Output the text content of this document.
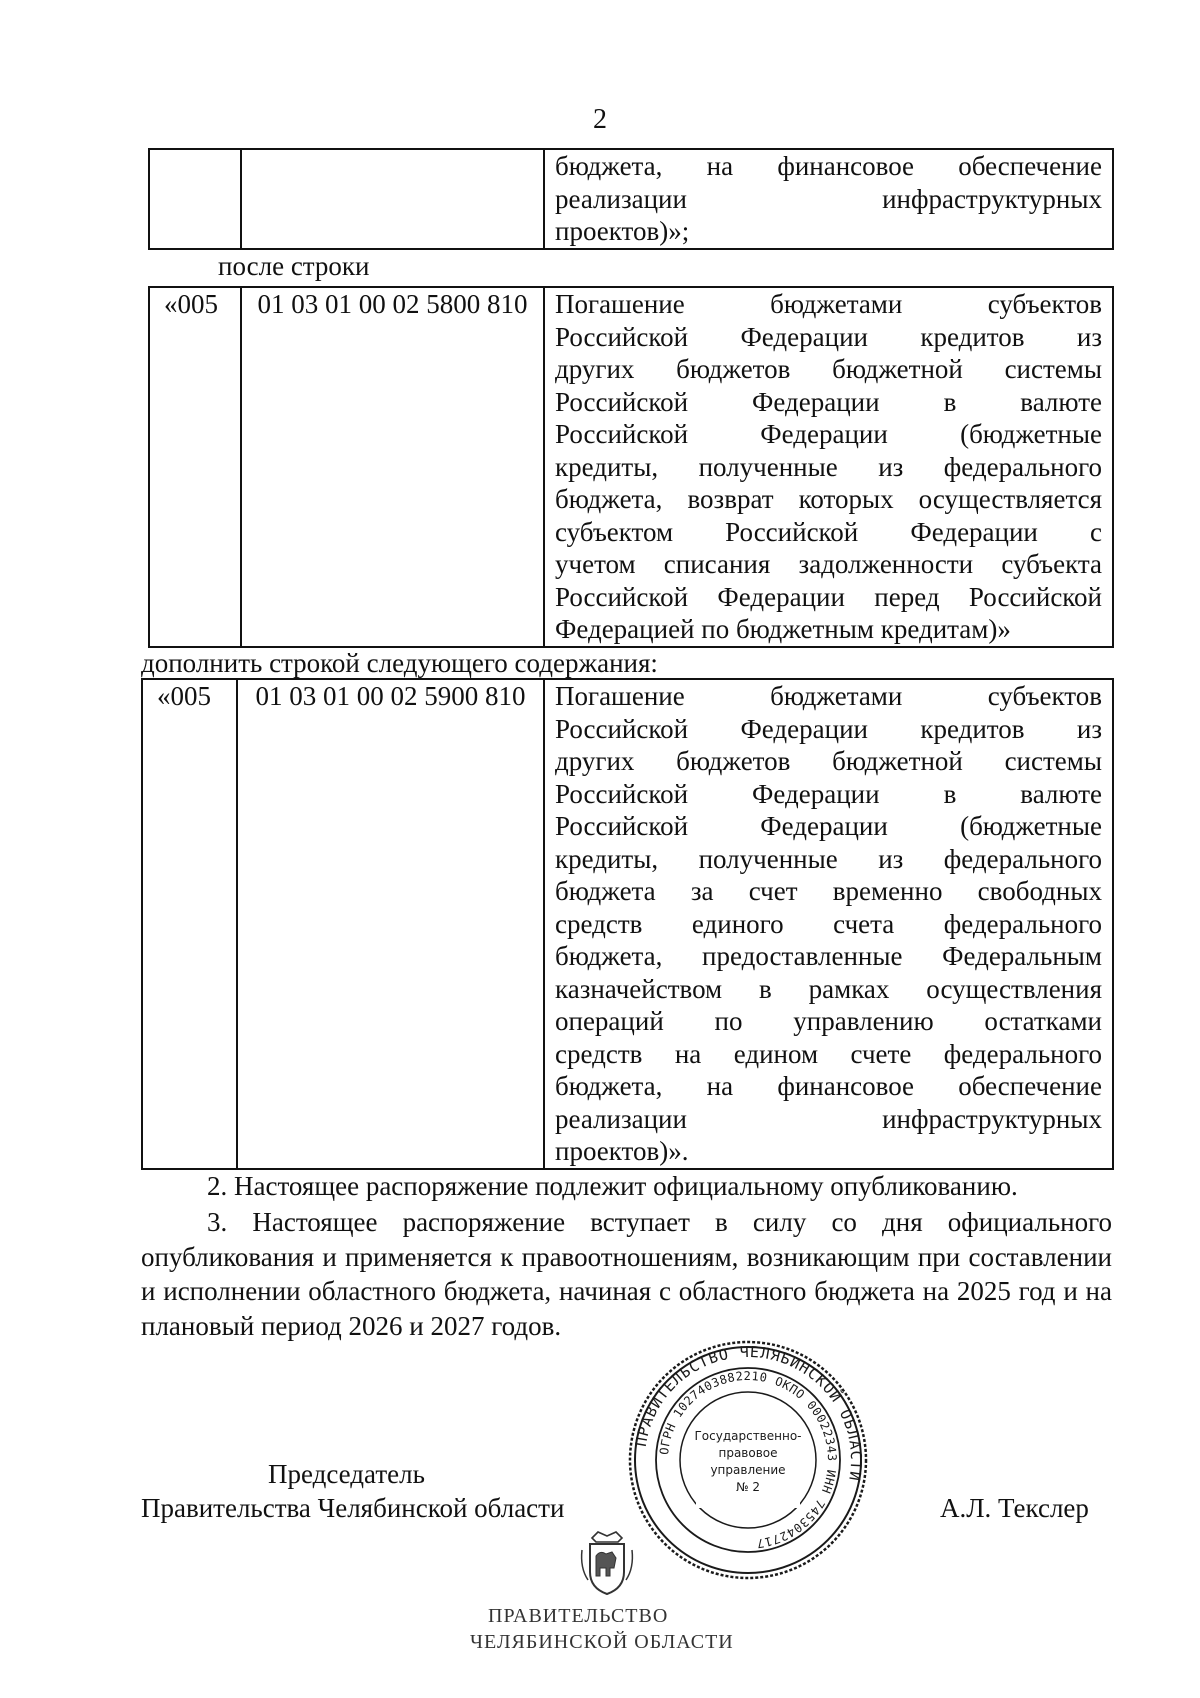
2

бюджета, на финансовое обеспечение
реализации инфраструктурных
проектов)»;
после строки
«005	01 03 01 00 02 5800 810	Погашение бюджетами субъектов
Российской Федерации кредитов из
других бюджетов бюджетной системы
Российской Федерации в валюте
Российской Федерации (бюджетные
кредиты, полученные из федерального
бюджета, возврат которых осуществляется
субъектом Российской Федерации с
учетом списания задолженности субъекта
Российской Федерации перед Российской
Федерацией по бюджетным кредитам)»
дополнить строкой следующего содержания:
«005	01 03 01 00 02 5900 810	Погашение бюджетами субъектов
Российской Федерации кредитов из
других бюджетов бюджетной системы
Российской Федерации в валюте
Российской Федерации (бюджетные
кредиты, полученные из федерального
бюджета за счет временно свободных
средств единого счета федерального
бюджета, предоставленные Федеральным
казначейством в рамках осуществления
операций по управлению остатками
средств на едином счете федерального
бюджета, на финансовое обеспечение
реализации инфраструктурных
проектов)».
2. Настоящее распоряжение подлежит официальному опубликованию.
3. Настоящее распоряжение вступает в силу со дня официального опубликования и применяется к правоотношениям, возникающим при составлении и исполнении областного бюджета, начиная с областного бюджета на 2025 год и на плановый период 2026 и 2027 годов.
Председатель
Правительства Челябинской области	А.Л. Текслер
ПРАВИТЕЛЬСТВО ЧЕЛЯБИНСКОЙ ОБЛАСТИ
ОГРН 1027403882210 ОКПО 00022343 ИНН 7453042717
Государственно-
правовое
управление
№ 2
ПРАВИТЕЛЬСТВО
ЧЕЛЯБИНСКОЙ ОБЛАСТИ
